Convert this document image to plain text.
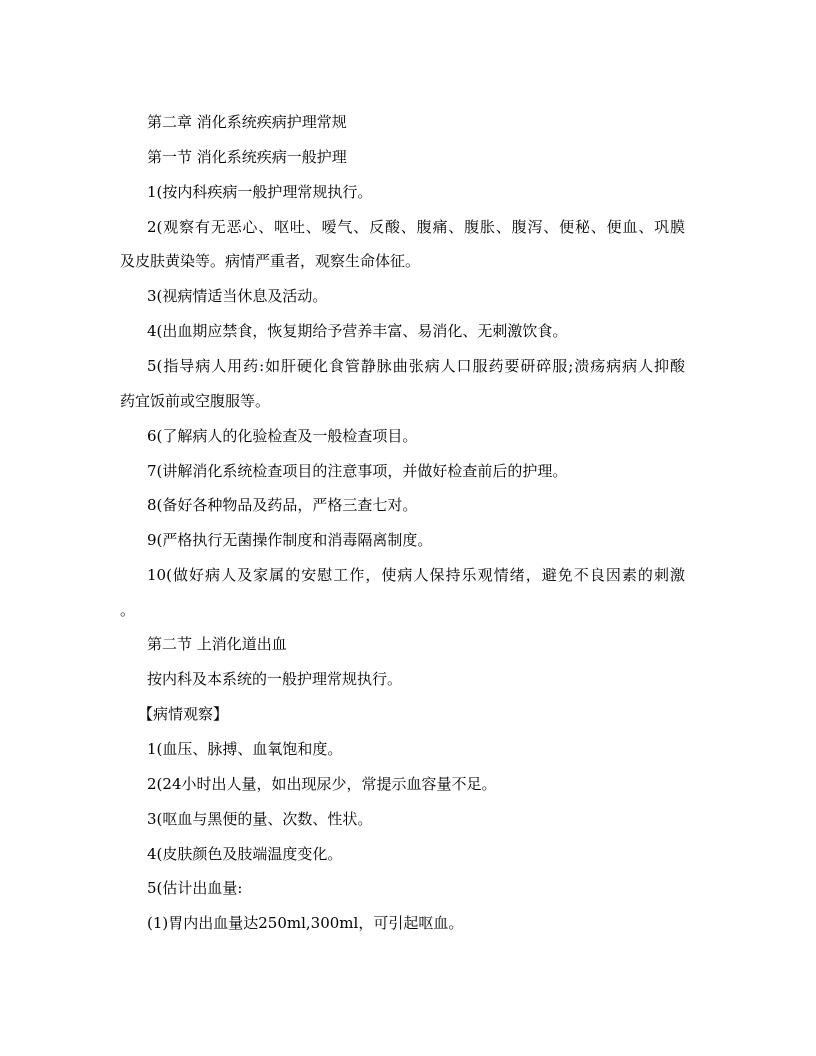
第二章 消化系统疾病护理常规

第一节 消化系统疾病一般护理

1(按内科疾病一般护理常规执行。

2(观察有无恶心、呕吐、嗳气、反酸、腹痛、腹胀、腹泻、便秘、便血、巩膜

及皮肤黄染等。病情严重者，观察生命体征。

3(视病情适当休息及活动。

4(出血期应禁食，恢复期给予营养丰富、易消化、无刺激饮食。

5(指导病人用药:如肝硬化食管静脉曲张病人口服药要研碎服;溃疡病病人抑酸

药宜饭前或空腹服等。

6(了解病人的化验检查及一般检查项目。

7(讲解消化系统检查项目的注意事项，并做好检查前后的护理。

8(备好各种物品及药品，严格三查七对。

9(严格执行无菌操作制度和消毒隔离制度。

10(做好病人及家属的安慰工作，使病人保持乐观情绪，避免不良因素的刺激

。

第二节 上消化道出血

按内科及本系统的一般护理常规执行。

【病情观察】

1(血压、脉搏、血氧饱和度。

2(24小时出人量，如出现尿少，常提示血容量不足。

3(呕血与黑便的量、次数、性状。

4(皮肤颜色及肢端温度变化。

5(估计出血量:

(1)胃内出血量达250ml,300ml，可引起呕血。
